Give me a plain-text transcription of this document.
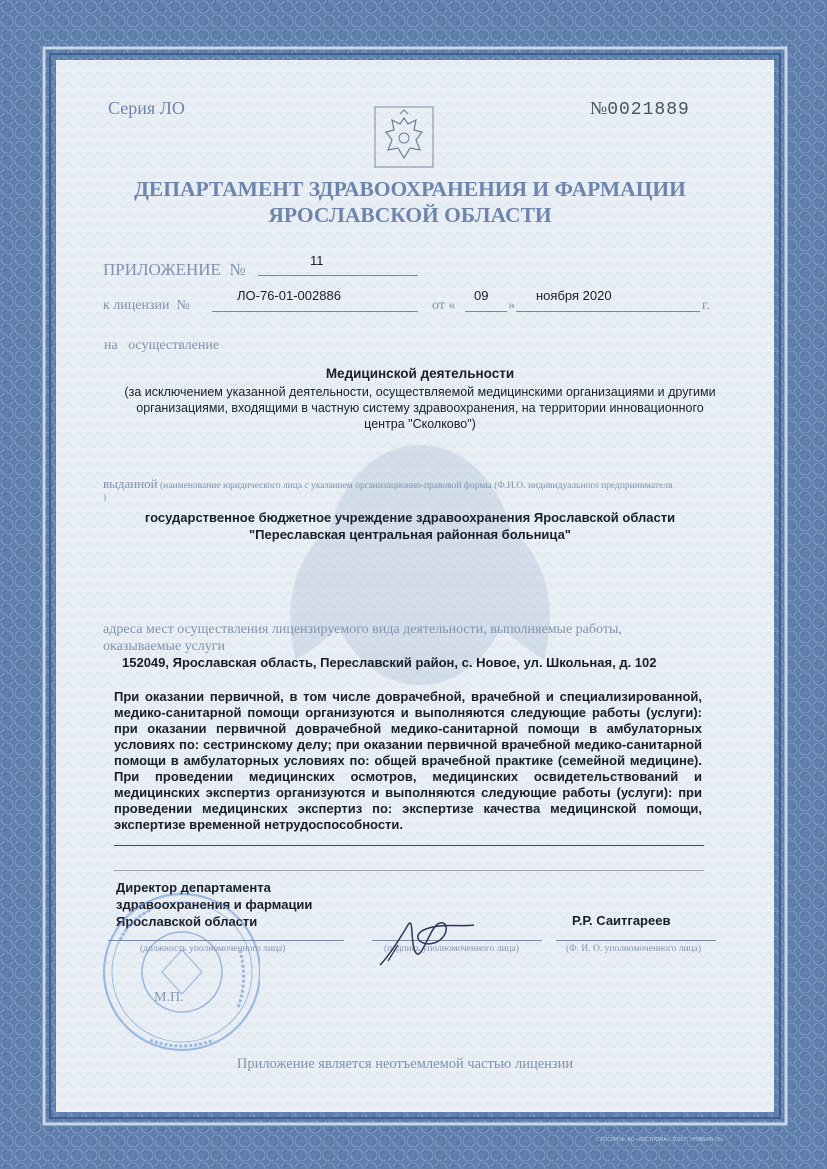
Серия ЛО	№0021889
ДЕПАРТАМЕНТ ЗДРАВООХРАНЕНИЯ И ФАРМАЦИИ
ЯРОСЛАВСКОЙ ОБЛАСТИ
ПРИЛОЖЕНИЕ №	11
к лицензии №
ЛО-76-01-002886
от «
09
»
ноября 2020
г.
на   осуществление
Медицинской деятельности
(за исключением указанной деятельности, осуществляемой медицинскими организациями и другими организациями, входящими в частную систему здравоохранения, на территории инновационного центра "Сколково")
выданной (наименование юридического лица с указанием организационно-правовой формы (Ф.И.О. индивидуального предпринимателя )
государственное бюджетное учреждение здравоохранения Ярославской области
"Переславская центральная районная больница"
адреса мест осуществления лицензируемого вида деятельности, выполняемые работы, оказываемые услуги
152049, Ярославская область, Переславский район, с. Новое, ул. Школьная, д. 102
При оказании первичной, в том числе доврачебной, врачебной и специализированной, медико-санитарной помощи организуются и выполняются следующие работы (услуги): при оказании первичной доврачебной медико-санитарной помощи в амбулаторных условиях по: сестринскому делу; при оказании первичной врачебной медико-санитарной помощи в амбулаторных условиях по: общей врачебной практике (семейной медицине). При проведении медицинских осмотров, медицинских освидетельствований и медицинских экспертиз организуются и выполняются следующие работы (услуги): при проведении медицинских экспертиз по: экспертизе качества медицинской помощи, экспертизе временной нетрудоспособности.
Директор департамента
здравоохранения и фармации
Ярославской области	Р.Р. Саитгареев
(должность уполномоченного лица)	(подпись уполномоченного лица)	(Ф. И. О. уполномоченного лица)
М.П.
Приложение является неотъемлемой частью лицензии
Г. ГОСУРОФ, АО «КОСТРОМА», 2020 Г, УРОВЕНЬ «Б»
